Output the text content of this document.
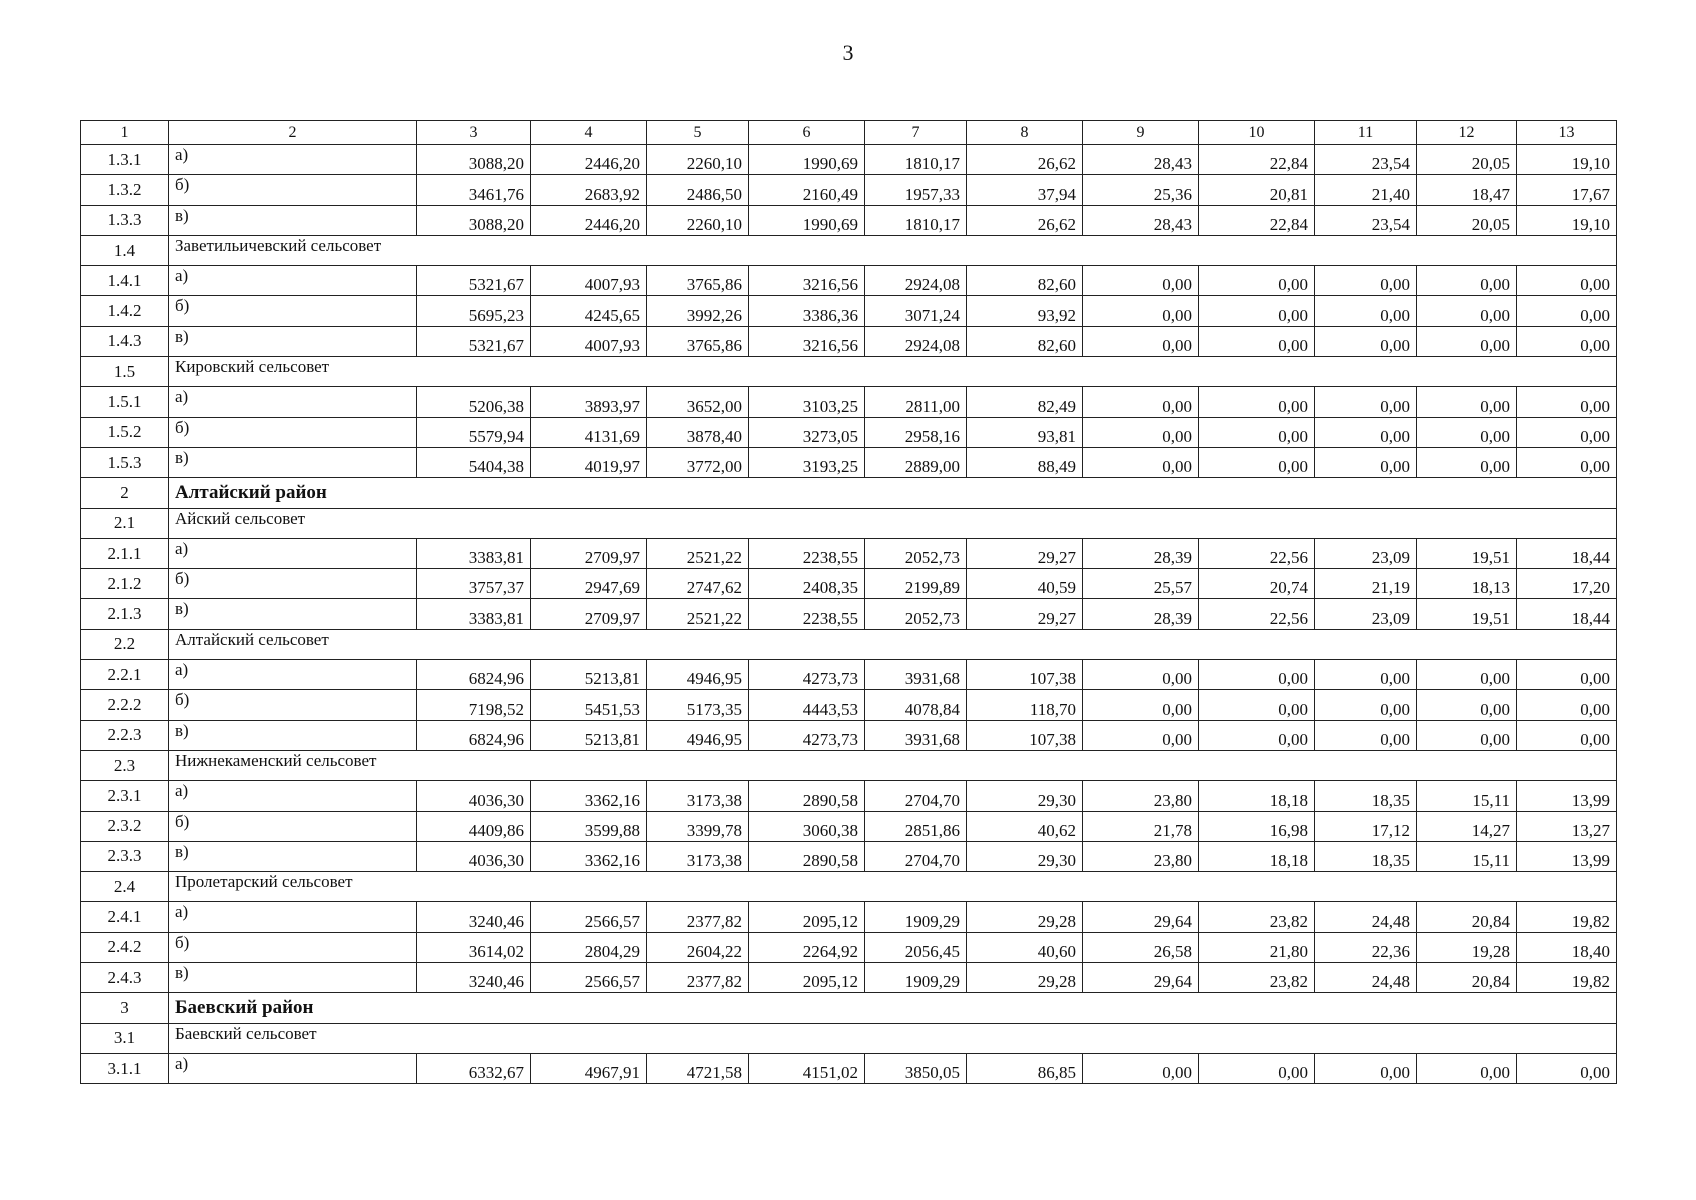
3
1	2	3	4	5	6	7	8	9	10	11	12	13
1.3.1	а)	3088,20	2446,20	2260,10	1990,69	1810,17	26,62	28,43	22,84	23,54	20,05	19,10
1.3.2	б)	3461,76	2683,92	2486,50	2160,49	1957,33	37,94	25,36	20,81	21,40	18,47	17,67
1.3.3	в)	3088,20	2446,20	2260,10	1990,69	1810,17	26,62	28,43	22,84	23,54	20,05	19,10
1.4	Заветильичевский сельсовет											
1.4.1	а)	5321,67	4007,93	3765,86	3216,56	2924,08	82,60	0,00	0,00	0,00	0,00	0,00
1.4.2	б)	5695,23	4245,65	3992,26	3386,36	3071,24	93,92	0,00	0,00	0,00	0,00	0,00
1.4.3	в)	5321,67	4007,93	3765,86	3216,56	2924,08	82,60	0,00	0,00	0,00	0,00	0,00
1.5	Кировский сельсовет											
1.5.1	а)	5206,38	3893,97	3652,00	3103,25	2811,00	82,49	0,00	0,00	0,00	0,00	0,00
1.5.2	б)	5579,94	4131,69	3878,40	3273,05	2958,16	93,81	0,00	0,00	0,00	0,00	0,00
1.5.3	в)	5404,38	4019,97	3772,00	3193,25	2889,00	88,49	0,00	0,00	0,00	0,00	0,00
2	Алтайский район											
2.1	Айский сельсовет											
2.1.1	а)	3383,81	2709,97	2521,22	2238,55	2052,73	29,27	28,39	22,56	23,09	19,51	18,44
2.1.2	б)	3757,37	2947,69	2747,62	2408,35	2199,89	40,59	25,57	20,74	21,19	18,13	17,20
2.1.3	в)	3383,81	2709,97	2521,22	2238,55	2052,73	29,27	28,39	22,56	23,09	19,51	18,44
2.2	Алтайский сельсовет											
2.2.1	а)	6824,96	5213,81	4946,95	4273,73	3931,68	107,38	0,00	0,00	0,00	0,00	0,00
2.2.2	б)	7198,52	5451,53	5173,35	4443,53	4078,84	118,70	0,00	0,00	0,00	0,00	0,00
2.2.3	в)	6824,96	5213,81	4946,95	4273,73	3931,68	107,38	0,00	0,00	0,00	0,00	0,00
2.3	Нижнекаменский сельсовет											
2.3.1	а)	4036,30	3362,16	3173,38	2890,58	2704,70	29,30	23,80	18,18	18,35	15,11	13,99
2.3.2	б)	4409,86	3599,88	3399,78	3060,38	2851,86	40,62	21,78	16,98	17,12	14,27	13,27
2.3.3	в)	4036,30	3362,16	3173,38	2890,58	2704,70	29,30	23,80	18,18	18,35	15,11	13,99
2.4	Пролетарский сельсовет											
2.4.1	а)	3240,46	2566,57	2377,82	2095,12	1909,29	29,28	29,64	23,82	24,48	20,84	19,82
2.4.2	б)	3614,02	2804,29	2604,22	2264,92	2056,45	40,60	26,58	21,80	22,36	19,28	18,40
2.4.3	в)	3240,46	2566,57	2377,82	2095,12	1909,29	29,28	29,64	23,82	24,48	20,84	19,82
3	Баевский район											
3.1	Баевский сельсовет											
3.1.1	а)	6332,67	4967,91	4721,58	4151,02	3850,05	86,85	0,00	0,00	0,00	0,00	0,00
